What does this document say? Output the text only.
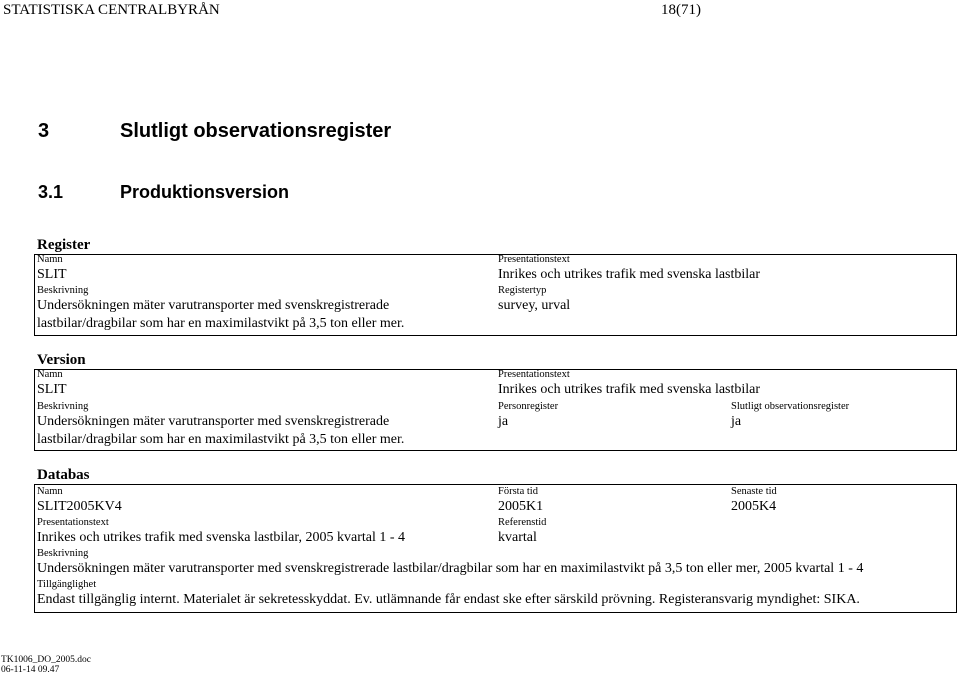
STATISTISKA CENTRALBYRÅN	18(71)
3	Slutligt observationsregister
3.1	Produktionsversion
Register
Namn
SLIT
Beskrivning
Undersökningen mäter varutransporter med svenskregistrerade
lastbilar/dragbilar som har en maximilastvikt på 3,5 ton eller mer.
Presentationstext
Inrikes och utrikes trafik med svenska lastbilar
Registertyp
survey, urval
Version
Namn
SLIT
Beskrivning
Undersökningen mäter varutransporter med svenskregistrerade
lastbilar/dragbilar som har en maximilastvikt på 3,5 ton eller mer.
Presentationstext
Inrikes och utrikes trafik med svenska lastbilar
Personregister
ja
Slutligt observationsregister
ja
Databas
Namn
SLIT2005KV4
Första tid
2005K1
Senaste tid
2005K4
Presentationstext
Inrikes och utrikes trafik med svenska lastbilar, 2005 kvartal 1 - 4
Referenstid
kvartal
Beskrivning
Undersökningen mäter varutransporter med svenskregistrerade lastbilar/dragbilar som har en maximilastvikt på 3,5 ton eller mer, 2005 kvartal 1 - 4
Tillgänglighet
Endast tillgänglig internt. Materialet är sekretesskyddat. Ev. utlämnande får endast ske efter särskild prövning. Registeransvarig myndighet: SIKA.
TK1006_DO_2005.doc
06-11-14 09.47
